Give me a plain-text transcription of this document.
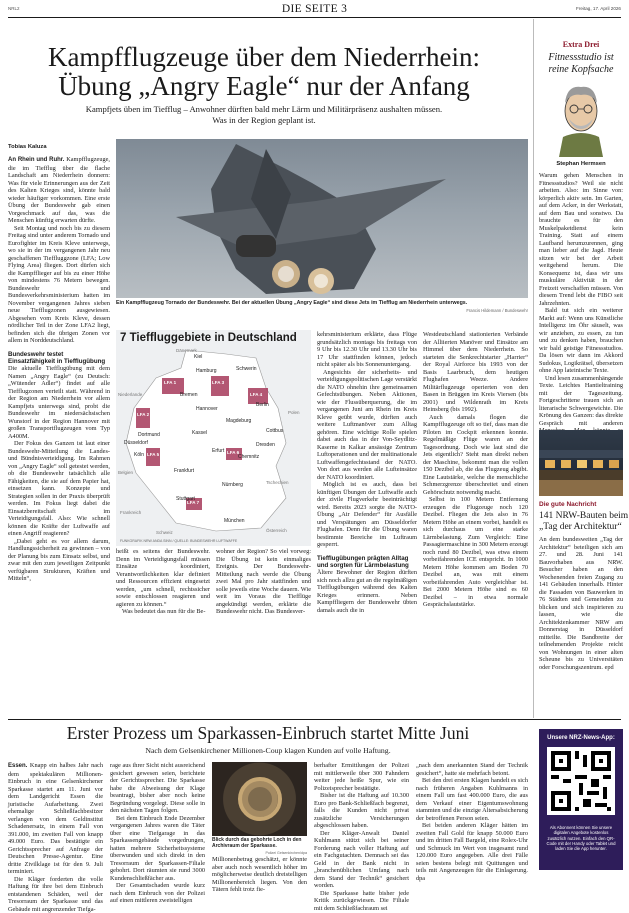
NRL2	DIE SEITE 3	Freitag, 17. April 2026
Kampfflugzeuge über dem Niederrhein:
Übung „Angry Eagle“ nur der Anfang
Kampfjets üben im Tiefflug – Anwohner dürften bald mehr Lärm und Militärpräsenz aushalten müssen.
Was in der Region geplant ist.
Tobias Kaluza

An Rhein und Ruhr. Kampfflugzeuge, die im Tiefflug über die flache Landschaft am Niederrhein donnern: Was für viele Erinnerungen aus der Zeit des Kalten Krieges sind, könnte bald wieder häufiger vorkommen. Eine erste Übung der Bundeswehr gab einen Vorgeschmack auf das, was die Menschen künftig erwarten dürfte.

Seit Montag und noch bis zu diesem Freitag sind unter anderem Tornado und Eurofighter im Kreis Kleve unterwegs, wo sie in der im vergangenen Jahr neu geschaffenen Tieffluggzone (LFA; Low Flying Area) fliegen. Dort dürfen sich die Kampfflieger auf bis zu einer Höhe von mindestens 76 Metern bewegen. Bundeswehr und Bundesverkehrsministerium hatten im November vergangenen Jahres sieben neue Tiefflugzonen ausgewiesen. Abgesehen vom Kreis Kleve, dessen nördlicher Teil in der Zone LFA2 liegt, befinden sich die übrigen Zonen vor allem in Norddeutschland.

Bundeswehr testet Einsatzfähigkeit in Tiefflugübung

Die aktuelle Tiefflugübung mit dem Namen „Angry Eagle“ (zu Deutsch: „Wütender Adler“) findet auf alle Tiefflugzonen verteilt statt. Während in der Region am Niederrhein vor allem Kampfjets unterwegs sind, probt die Bundeswehr im niedersächsischen Wunstorf in der Region Hannover mit großen Transportflugzeugen vom Typ A400M.

Der Fokus des Ganzen ist laut einer Bundeswehr-Mitteilung die Landes- und Bündnisverteidigung. Im Rahmen von „Angry Eagle“ soll getestet werden, ob die Bundeswehr tatsächlich alle Fähigkeiten, die sie auf dem Papier hat, einsetzen kann. Konzepte und Strategien sollen in der Praxis überprüft werden. Im Fokus liegt dabei die Einsatzbereitschaft im Verteidigungsfall. Also: Wie schnell können die Kräfte der Luftwaffe auf einen Angriff reagieren?

„Dabei geht es vor allem darum, Handlungssicherheit zu gewinnen – von der Planung bis zum Einsatz selbst, und zwar mit den zum jeweiligen Zeitpunkt verfügbaren Strukturen, Kräften und Mitteln“,

Ein Kampfflugzeug Tornado der Bundeswehr. Bei der aktuellen Übung „Angry Eagle“ sind diese Jets im Tiefflug am Niederrhein unterwegs.
Francis Hildemann / Bundeswehr
7 Tieffluggebiete in Deutschland
LFA 1
LFA 2
LFA 3
LFA 4
LFA 5	LFA 6
LFA 7
Kiel
Hamburg	Schwerin
Bremen
Hannover
Berlin
Magdeburg
Cottbus
Dresden
Dortmund
Düsseldorf
Köln
Kassel
Erfurt
Chemnitz
Frankfurt
Nürnberg
Stuttgart
München
Dänemark
Niederlande
Belgien
Polen
Tschechien
Frankreich
Österreich
Schweiz
FUNKGRAFIK NRW ANDA SINN / QUELLE: BUNDESWEHR LUFTWAFFE

heißt es seitens der Bundeswehr. Denn im Verteidigungsfall müssen Einsätze koordiniert, Verantwortlichkeiten klar definiert und Ressourcen effizient eingesetzt werden, „um schnell, rechtssicher sowie entschlossen reagieren und agieren zu können.“

Was bedeutet das nun für die Be-

wohner der Region? So viel vorweg: Die Übung ist kein einmaliges Ereignis. Der Bundeswehr-Mitteilung nach werde die Übung zwei Mal pro Jahr stattfinden und solle jeweils eine Woche dauern. Wie weit im Voraus die Tiefflüge angekündigt werden, erklärte die Bundeswehr nicht. Das Bundesver-

kehrsministerium erklärte, dass Flüge grundsätzlich montags bis freitags von 9 Uhr bis 12.30 Uhr und 13.30 Uhr bis 17 Uhr stattfinden können, jedoch nicht später als bis Sonnenuntergang.

Angesichts der sicherheits- und verteidigungspolitischen Lage verstärkt die NATO ohnehin ihre gemeinsamen Gefechtsübungen. Neben Aktionen, wie der Flussüberquerung, die im vergangenen Juni am Rhein im Kreis Kleve geübt wurde, dürften auch weitere Luftmanöver zum Alltag gehören. Eine wichtige Rolle spielen dabei auch das in der Von-Seydlitz-Kaserne in Kalkar ansässige Zentrum Luftoperationen und der multinationale Luftwaffengefechtsstand der NATO. Von dort aus werden alle Lufteinsätze der NATO koordiniert.

Möglich ist es auch, dass bei künftigen Übungen der Luftwaffe auch der zivile Flugverkehr beeinträchtigt wird. Bereits 2023 sorgte die NATO-Übung „Air Defender“ für Ausfälle und Verspätungen am Düsseldorfer Flughafen. Denn für die Übung waren bestimmte Bereiche im Luftraum gesperrt.

Tiefflugübungen prägten Alltag und sorgten für Lärmbelastung

Ältere Bewohner der Region dürften sich noch allzu gut an die regelmäßigen Tiefflugübungen während des Kalten Krieges erinnern. Neben Kampffliegern der Bundeswehr übten damals auch die in

Westdeutschland stationierten Verbände der Alliierten Manöver und Einsätze am Himmel über dem Niederrhein. So starteten die Senkrechtstarter „Harrier“ der Royal Airforce bis 1993 von der Basis Laarbruch, dem heutigen Flughafen Weeze. Andere Militärflugzeuge operierten von den Basen in Brüggen im Kreis Viersen (bis 2001) und Wildenrath im Kreis Heinsberg (bis 1992).

Auch damals flogen die Kampfflugzeuge oft so tief, dass man die Piloten im Cockpit erkennen konnte. Regelmäßige Flüge waren an der Tagesordnung. Doch wie laut sind die Jets eigentlich? Steht man direkt neben der Maschine, bekommt man die vollen 150 Dezibel ab, die das Flugzeug abgibt. Eine Lautstärke, welche die menschliche Schmerzgrenze überschreitet und einen Gehörschutz notwendig macht.

Selbst in 100 Metern Entfernung erzeugen die Flugzeuge noch 120 Dezibel. Fliegen die Jets also in 76 Metern Höhe an einem vorbei, handelt es sich durchaus um eine starke Lärmbelastung. Zum Vergleich: Eine Passagiermaschine in 300 Metern erzeugt noch rund 80 Dezibel, was etwa einem vorbeifahrenden ICE entspricht. In 1000 Metern Höhe kommen am Boden 70 Dezibel an, was mit einem vorbeifahrenden Auto vergleichbar ist. Bei 2000 Metern Höhe sind es 60 Dezibel – in etwa normale Gesprächslautstärke.

Extra Drei
Fitnessstudio ist
reine Kopfsache
Stephan Hermsen

Warum gehen Menschen in Fitnessstudios? Weil sie nicht arbeiten. Also: im Sinne von: körperlich aktiv sein. Im Garten, auf dem Acker, in der Werkstatt, auf dem Bau und sonstwo. Da brauchte es für den Muskelpaketdienst kein Training. Statt auf einem Laufband herumzurennen, ging man lieber auf die Jagd. Heute sitzen wir bei der Arbeit weitgehend herum. Die Konsequenz ist, dass wir uns muskuläre Aktivität in der Freizeit verschaffen müssen. Von diesem Trend lebt die FIBO seit Jahrzehnten.

Bald tut sich ein weiterer Markt auf: Wenn uns Künstliche Intelligenz im Öhr säuselt, was wir anziehen, zu essen, zu tun und zu denken haben, brauchen wir bald geistige Fitnessstudios. Da lösen wir dann im Akkord Sudokus, Logikrätsel, übersetzen ohne App lateinische Texte.

Und lesen zusammenhängende Texte. Leichtes Hantieltraining mit der Tageszeitung. Fortgeschrittene trauen sich an literarische Schwergewichte. Die Krönung des Ganzen: das direkte Gespräch mit anderen

Die gute Nachricht
141 NRW-Bauten beim
„Tag der Architektur“

An dem bundesweiten „Tag der Architektur“ beteiligen sich am 27. und 28. Juni 141 Bauvorhaben aus NRW. Besucher haben an den Wochenenden freien Zugang zu 141 Gebäuden innerhalb. Hinter die Fassaden von Bauwerken in 76 Städten und Gemeinden zu blicken und sich inspirieren zu lassen, wie die Architektenkammer NRW am Donnerstag in Düsseldorf mitteilte. Die Bandbreite der teilnehmenden Projekte reicht von Wohnungen in einer alten Scheune bis zu Universitäten oder Forschungszentrum. epd

Erster Prozess um Sparkassen-Einbruch startet Mitte Juni
Nach dem Gelsenkirchener Millionen-Coup klagen Kunden auf volle Haftung.

Essen. Knapp ein halbes Jahr nach dem spektakulären Millionen-Einbruch in eine Gelsenkirchener Sparkasse startet am 11. Juni vor dem Landgericht Essen die juristische Aufarbeitung. Zwei ehemalige Schließfachbesitzer verlangen von dem Geldinstitut Schadenersatz, in einem Fall von 391.000, im zweiten Fall von knapp 49.000 Euro. Das bestätigte ein Gerichtssprecher auf Anfrage der Deutschen Presse-Agentur. Eine dritte Zivilklage ist für den 9. Juli terminiert.

Die Kläger forderten die volle Haftung für ihre bei dem Einbruch entstandenen Schäden, weil der Tresorraum der Sparkasse und das Gebäude mit angrenzender Tiefga-

rage aus ihrer Sicht nicht ausreichend gesichert gewesen seien, berichtete der Gerichtssprecher. Die Sparkasse habe die Abweisung der Klage beantragt, bisher aber noch keine Begründung vorgelegt. Diese solle in den nächsten Tagen folgen.

Bei dem Einbruch Ende Dezember vergangenen Jahres waren die Täter über eine Tiefgarage in das Sparkassengebäude vorgedrungen, hatten mehrere Sicherheitssysteme überwunden und sich direkt in den Tresorraum der Sparkassen-Filiale gebohrt. Dort räumten sie rund 3000 Kundenschließfächer aus.

Der Gesamtschaden wurde kurz nach dem Einbruch von der Polizei auf einen mittleren zweistelligen

Blick durch das gebohrte Loch in den Archivraum der Sparkasse.
Polizei Gelsenkirchen/dpa

Millionenbetrag geschätzt, er könnte aber auch noch wesentlich höher im möglicherweise deutlich dreistelligen Millionenbereich liegen. Von den Tätern fehlt trotz fie-

berhafter Ermittlungen der Polizei mit mittlerweile über 300 Fahndern weiter jede heiße Spur, wie ein Polizeisprecher bestätigte.

Bisher ist die Haftung auf 10.300 Euro pro Bank-Schließfach begrenzt, falls die Kunden nicht privat zusätzliche Versicherungen abgeschlossen haben.

Der Kläger-Anwalt Daniel Kuhlmann stützt sich bei seiner Forderung nach voller Haftung auf ein Fachgutachten. Demnach sei das Geld in der Bank nicht in „branchenüblichen Umfang nach dem Stand der Technik“ gesichert worden.

Die Sparkasse hatte bisher jede Kritik zurückgewiesen. Die Filiale mit dem Schließfachraum sei

„nach dem anerkannten Stand der Technik gesichert“, hatte sie mehrfach betont.

Bei den drei ersten Klagen handelt es sich nach früheren Angaben Kuhlmanns in einem Fall um fast 400.000 Euro, die aus dem Verkauf einer Eigentumswohnung stammten und die einzige Altersabsicherung der betroffenen Person seien.

Bei beiden anderen Kläger hätten im zweiten Fall Gold für knapp 50.000 Euro und im dritten Fall Bargeld, eine Rolex-Uhr und Schmuck im Wert von insgesamt rund 120.000 Euro angegeben. Alle drei Fälle seien bestens belegt mit Quittungen und teils mit Angenzeugen für die Einlagerung. dpa

Unsere NRZ-News-App:
Als Abonnent können Sie unsere digitalen Angebote kostenlos zusätzlich nutzen. Einfach den QR-Code mit der Handy oder Tablet und laden Sie die App herunter.
